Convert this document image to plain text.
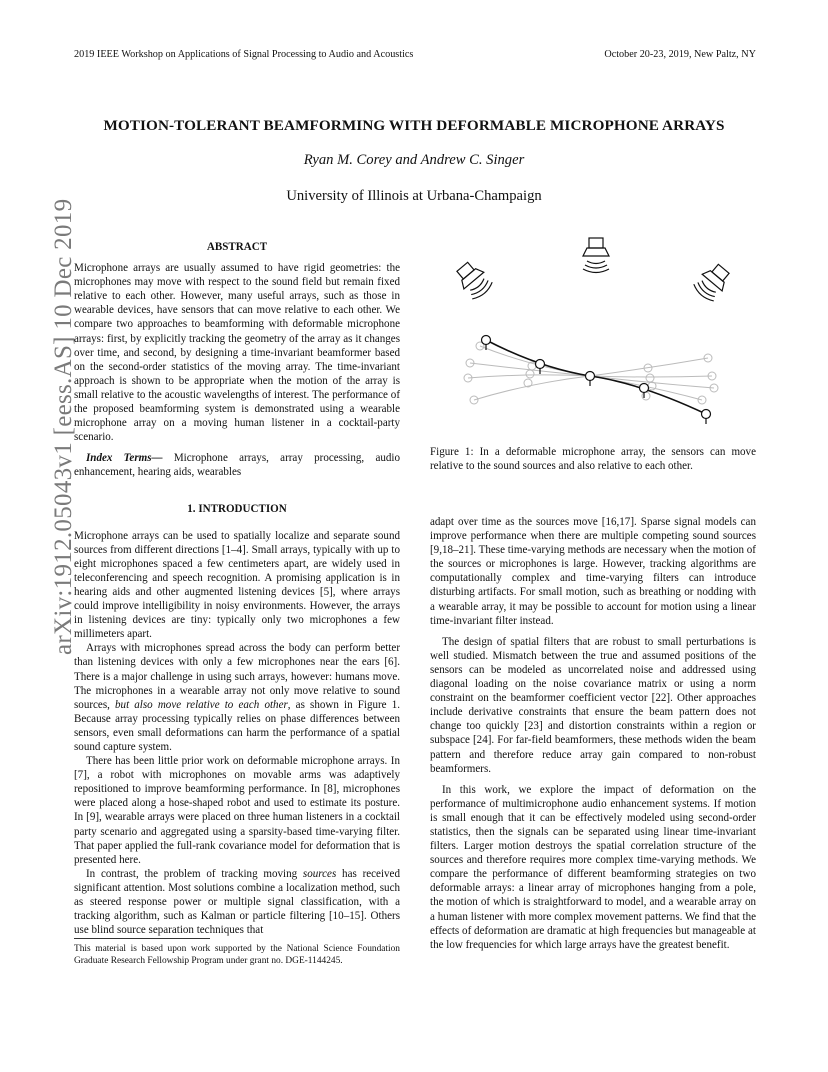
2019 IEEE Workshop on Applications of Signal Processing to Audio and Acoustics	October 20-23, 2019, New Paltz, NY
arXiv:1912.05043v1 [eess.AS] 10 Dec 2019
MOTION-TOLERANT BEAMFORMING WITH DEFORMABLE MICROPHONE ARRAYS
Ryan M. Corey and Andrew C. Singer
University of Illinois at Urbana-Champaign
ABSTRACT

Microphone arrays are usually assumed to have rigid geometries: the microphones may move with respect to the sound field but remain fixed relative to each other. However, many useful arrays, such as those in wearable devices, have sensors that can move relative to each other. We compare two approaches to beamforming with deformable microphone arrays: first, by explicitly tracking the geometry of the array as it changes over time, and second, by designing a time-invariant beamformer based on the second-order statistics of the moving array. The time-invariant approach is shown to be appropriate when the motion of the array is small relative to the acoustic wavelengths of interest. The performance of the proposed beamforming system is demonstrated using a wearable microphone array on a moving human listener in a cocktail-party scenario.

Index Terms— Microphone arrays, array processing, audio enhancement, hearing aids, wearables

1. INTRODUCTION

Microphone arrays can be used to spatially localize and separate sound sources from different directions [1–4]. Small arrays, typically with up to eight microphones spaced a few centimeters apart, are widely used in teleconferencing and speech recognition. A promising application is in hearing aids and other augmented listening devices [5], where arrays could improve intelligibility in noisy environments. However, the arrays in listening devices are tiny: typically only two microphones a few millimeters apart.

Arrays with microphones spread across the body can perform better than listening devices with only a few microphones near the ears [6]. There is a major challenge in using such arrays, however: humans move. The microphones in a wearable array not only move relative to sound sources, but also move relative to each other, as shown in Figure 1. Because array processing typically relies on phase differences between sensors, even small deformations can harm the performance of a spatial sound capture system.

There has been little prior work on deformable microphone arrays. In [7], a robot with microphones on movable arms was adaptively repositioned to improve beamforming performance. In [8], microphones were placed along a hose-shaped robot and used to estimate its posture. In [9], wearable arrays were placed on three human listeners in a cocktail party scenario and aggregated using a sparsity-based time-varying filter. That paper applied the full-rank covariance model for deformation that is presented here.

In contrast, the problem of tracking moving sources has received significant attention. Most solutions combine a localization method, such as steered response power or multiple signal classification, with a tracking algorithm, such as Kalman or particle filtering [10–15]. Others use blind source separation techniques that

This material is based upon work supported by the National Science Foundation Graduate Research Fellowship Program under grant no. DGE-1144245.
Figure 1: In a deformable microphone array, the sensors can move relative to the sound sources and also relative to each other.

adapt over time as the sources move [16,17]. Sparse signal models can improve performance when there are multiple competing sound sources [9,18–21]. These time-varying methods are necessary when the motion of the sources or microphones is large. However, tracking algorithms are computationally complex and time-varying filters can introduce disturbing artifacts. For small motion, such as breathing or nodding with a wearable array, it may be possible to account for motion using a linear time-invariant filter instead.

The design of spatial filters that are robust to small perturbations is well studied. Mismatch between the true and assumed positions of the sensors can be modeled as uncorrelated noise and addressed using diagonal loading on the noise covariance matrix or using a norm constraint on the beamformer coefficient vector [22]. Other approaches include derivative constraints that ensure the beam pattern does not change too quickly [23] and distortion constraints within a region or subspace [24]. For far-field beamformers, these methods widen the beam pattern and therefore reduce array gain compared to non-robust beamformers.

In this work, we explore the impact of deformation on the performance of multimicrophone audio enhancement systems. If motion is small enough that it can be effectively modeled using second-order statistics, then the signals can be separated using linear time-invariant filters. Larger motion destroys the spatial correlation structure of the sources and therefore requires more complex time-varying methods. We compare the performance of different beamforming strategies on two deformable arrays: a linear array of microphones hanging from a pole, the motion of which is straightforward to model, and a wearable array on a human listener with more complex movement patterns. We find that the effects of deformation are dramatic at high frequencies but manageable at the low frequencies for which large arrays have the greatest benefit.
